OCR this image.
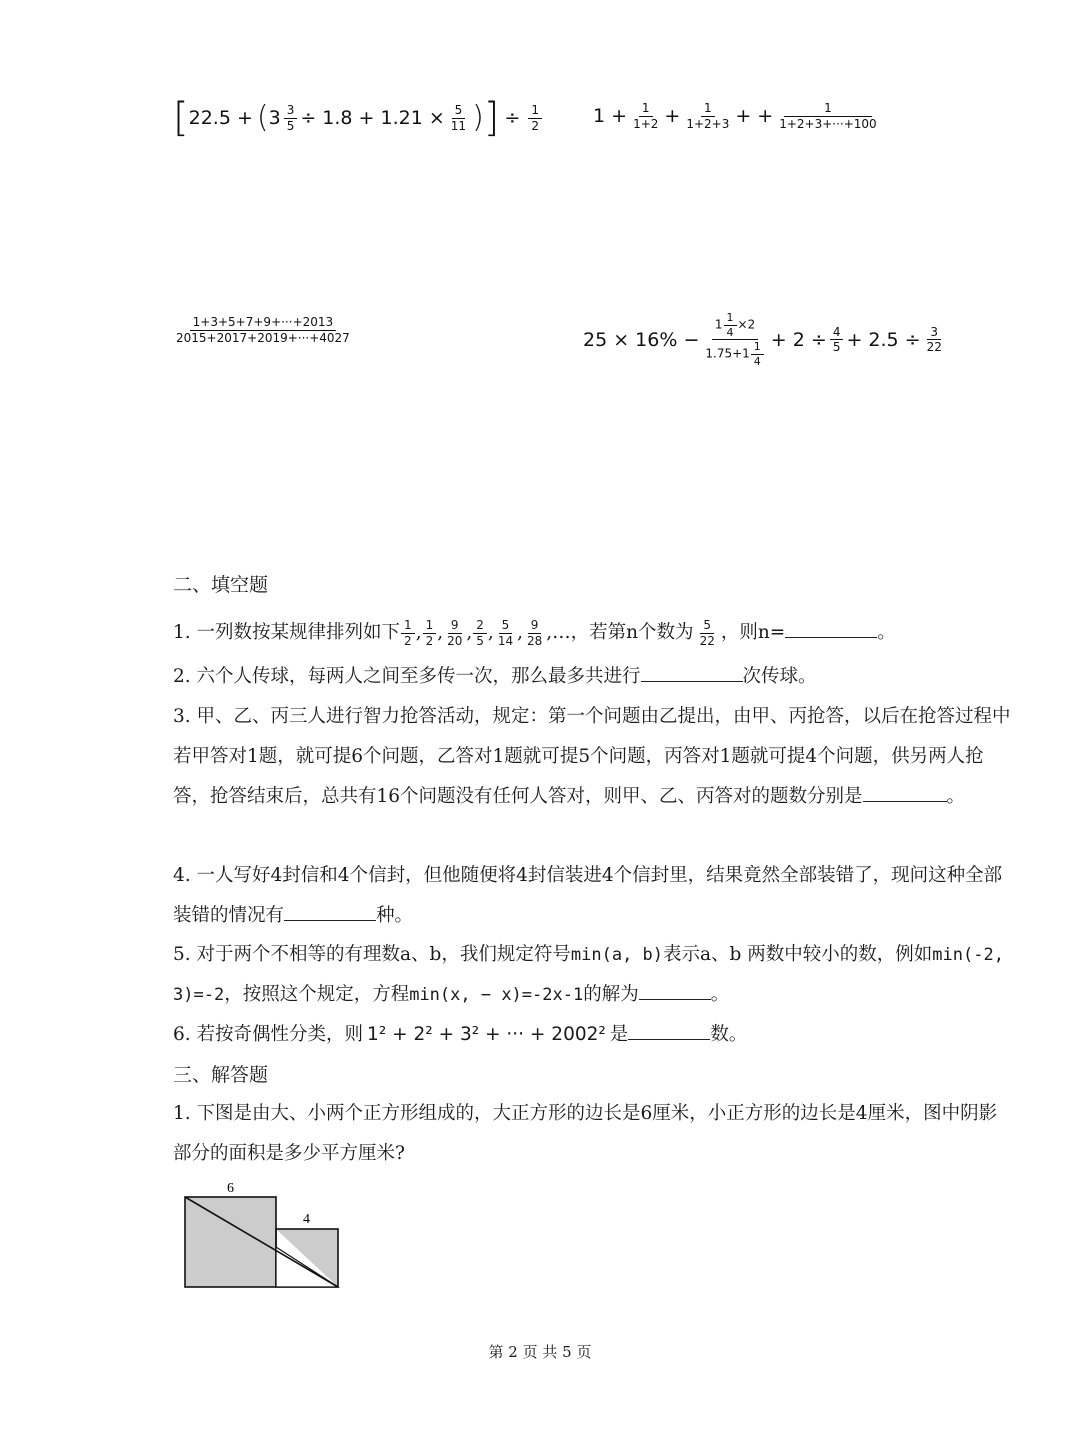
[ 22.5 + ( $3 \frac{3}{5} \div 1.8 + 1.21 \times \frac{5}{11}$ ) ] ÷ $\frac{1}{2}$	$1 + \frac{1}{1+2} + \frac{1}{1+2+3}$ + + $\frac{1}{1+2+3+\cdot\cdot\cdot+100}$
$\frac{1+3+5+7+9+\cdot\cdot\cdot+2013}{2015+2017+2019+\cdot\cdot\cdot+4027}$	$25 \times 16\% - \frac{1 \frac{1}{4} \times 2}{1.75+1 \frac{1}{4}} + 2 \div \frac{4}{5} + 2.5 \div \frac{3}{22}$
二、填空题
1. 一列数按某规律排列如下 $\frac{1}{2}$ , $\frac{1}{2}$ , $\frac{9}{20}$ , $\frac{2}{5}$ , $\frac{5}{14}$ , $\frac{9}{28}$ ,…，若第n个数为 $\frac{5}{22}$ ，则n=	。
2. 六个人传球，每两人之间至多传一次，那么最多共进行	次传球。
3. 甲、乙、丙三人进行智力抢答活动，规定：第一个问题由乙提出，由甲、丙抢答，以后在抢答过程中若甲答对1题，就可提6个问题，乙答对1题就可提5个问题，丙答对1题就可提4个问题，供另两人抢答，抢答结束后，总共有16个问题没有任何人答对，则甲、乙、丙答对的题数分别是	。
4. 一人写好4封信和4个信封，但他随便将4封信装进4个信封里，结果竟然全部装错了，现问这种全部装错的情况有	种。
5. 对于两个不相等的有理数a、b，我们规定符号min(a, b)表示a、b 两数中较小的数，例如min(-2, 3)=-2，按照这个规定，方程min(x, − x)=-2x-1的解为	。
6. 若按奇偶性分类，则 1² + 2² + 3² + ··· + 2002² 是	数。
三、解答题
1. 下图是由大、小两个正方形组成的，大正方形的边长是6厘米，小正方形的边长是4厘米，图中阴影部分的面积是多少平方厘米?
6
4
第 2 页 共 5 页
